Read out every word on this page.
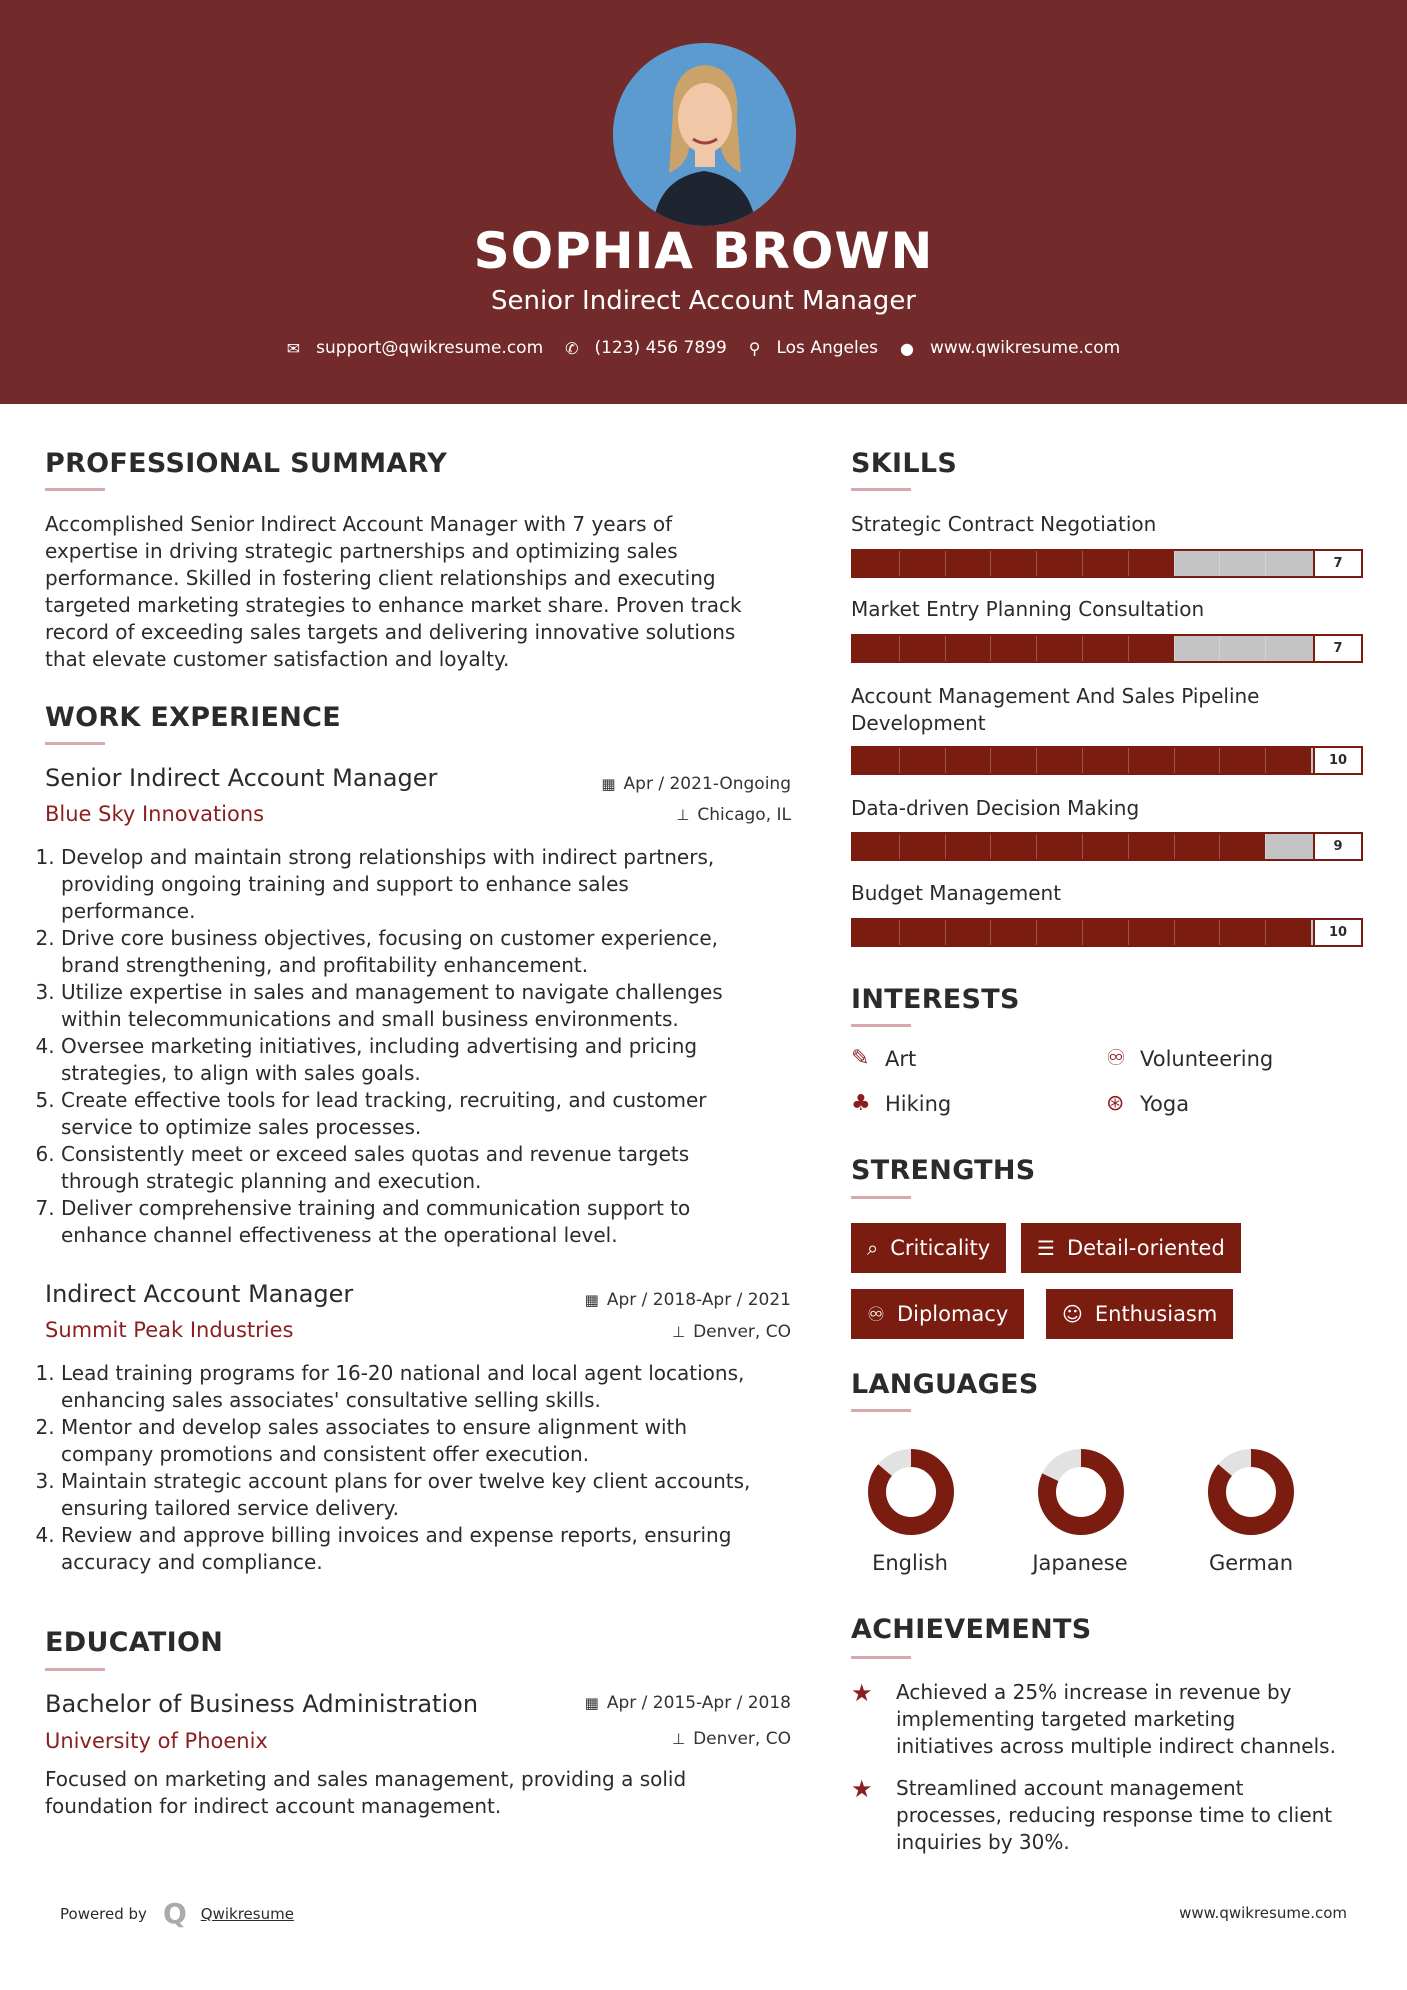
SOPHIA BROWN
Senior Indirect Account Manager
✉ support@qwikresume.com ✆ (123) 456 7899 ⚲ Los Angeles ● www.qwikresume.com
PROFESSIONAL SUMMARY
Accomplished Senior Indirect Account Manager with 7 years of
expertise in driving strategic partnerships and optimizing sales
performance. Skilled in fostering client relationships and executing
targeted marketing strategies to enhance market share. Proven track
record of exceeding sales targets and delivering innovative solutions
that elevate customer satisfaction and loyalty.
WORK EXPERIENCE
Senior Indirect Account Manager
Blue Sky Innovations
▦ Apr / 2021-Ongoing
⊥ Chicago, IL
1. Develop and maintain strong relationships with indirect partners,
providing ongoing training and support to enhance sales
performance.
2. Drive core business objectives, focusing on customer experience,
brand strengthening, and profitability enhancement.
3. Utilize expertise in sales and management to navigate challenges
within telecommunications and small business environments.
4. Oversee marketing initiatives, including advertising and pricing
strategies, to align with sales goals.
5. Create effective tools for lead tracking, recruiting, and customer
service to optimize sales processes.
6. Consistently meet or exceed sales quotas and revenue targets
through strategic planning and execution.
7. Deliver comprehensive training and communication support to
enhance channel effectiveness at the operational level.
Indirect Account Manager
Summit Peak Industries
▦ Apr / 2018-Apr / 2021
⊥ Denver, CO
1. Lead training programs for 16-20 national and local agent locations,
enhancing sales associates' consultative selling skills.
2. Mentor and develop sales associates to ensure alignment with
company promotions and consistent offer execution.
3. Maintain strategic account plans for over twelve key client accounts,
ensuring tailored service delivery.
4. Review and approve billing invoices and expense reports, ensuring
accuracy and compliance.
EDUCATION
Bachelor of Business Administration
University of Phoenix
▦ Apr / 2015-Apr / 2018
⊥ Denver, CO
Focused on marketing and sales management, providing a solid
foundation for indirect account management.
SKILLS
Strategic Contract Negotiation
7
Market Entry Planning Consultation
7
Account Management And Sales Pipeline
Development
10
Data-driven Decision Making
9
Budget Management
10
INTERESTS
✎ Art	♾ Volunteering
♣ Hiking	⊛ Yoga
STRENGTHS
⌕ Criticality ☰ Detail-oriented
♾ Diplomacy	☺ Enthusiasm
LANGUAGES
English	Japanese	German
ACHIEVEMENTS
★	Achieved a 25% increase in revenue by
implementing targeted marketing
initiatives across multiple indirect channels.
★	Streamlined account management
processes, reducing response time to client
inquiries by 30%.
Powered by Q Qwikresume	www.qwikresume.com
